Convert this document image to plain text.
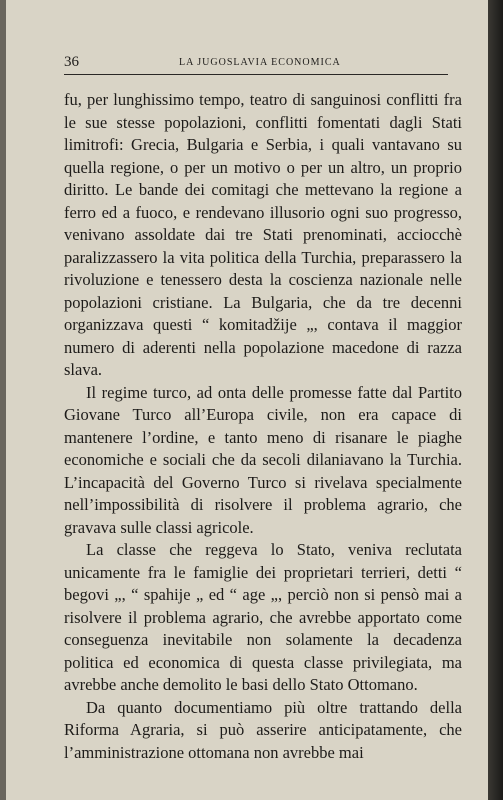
36	LA JUGOSLAVIA ECONOMICA

fu, per lunghissimo tempo, teatro di sanguinosi conflitti fra le sue stesse popolazioni, conflitti fomentati dagli Stati limitrofi: Grecia, Bulgaria e Serbia, i quali vantavano su quella regione, o per un motivo o per un altro, un proprio diritto. Le bande dei comitagi che mettevano la regione a ferro ed a fuoco, e rendevano illusorio ogni suo progresso, venivano assoldate dai tre Stati prenominati, acciocchè paralizzassero la vita politica della Turchia, preparassero la rivoluzione e tenessero desta la coscienza nazionale nelle popolazioni cristiane. La Bulgaria, che da tre decenni organizzava questi “ komitadžije „, contava il maggior numero di aderenti nella popolazione macedone di razza slava.

Il regime turco, ad onta delle promesse fatte dal Partito Giovane Turco all’Europa civile, non era capace di mantenere l’ordine, e tanto meno di risanare le piaghe economiche e sociali che da secoli dilaniavano la Turchia. L’incapacità del Governo Turco si rivelava specialmente nell’impossibilità di risolvere il problema agrario, che gravava sulle classi agricole.

La classe che reggeva lo Stato, veniva reclutata unicamente fra le famiglie dei proprietari terrieri, detti “ begovi „, “ spahije „ ed “ age „, perciò non si pensò mai a risolvere il problema agrario, che avrebbe apportato come conseguenza inevitabile non solamente la decadenza politica ed economica di questa classe privilegiata, ma avrebbe anche demolito le basi dello Stato Ottomano.

Da quanto documentiamo più oltre trattando della Riforma Agraria, si può asserire anticipatamente, che l’amministrazione ottomana non avrebbe mai
